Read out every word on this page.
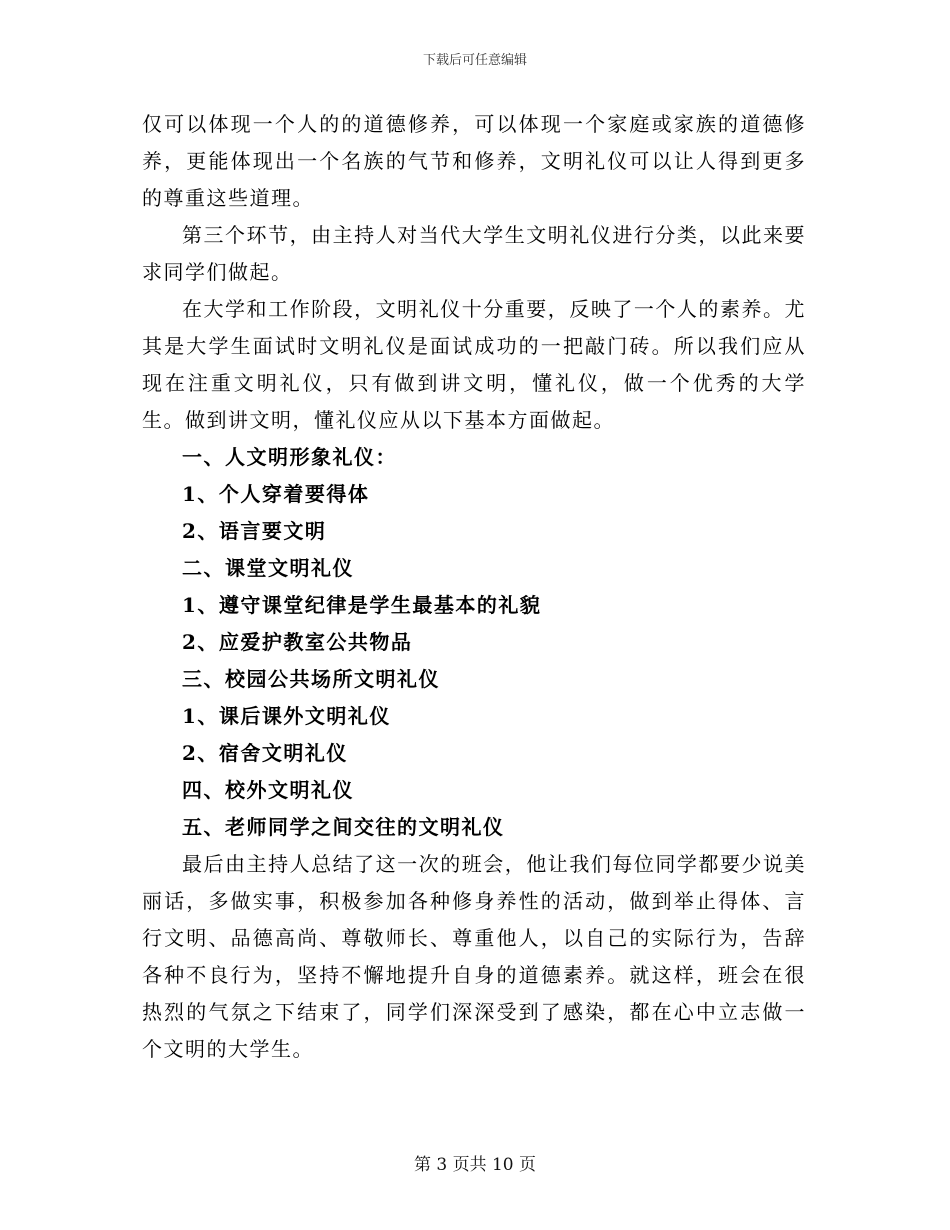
下载后可任意编辑

仅可以体现一个人的的道德修养，可以体现一个家庭或家族的道德修养，更能体现出一个名族的气节和修养，文明礼仪可以让人得到更多的尊重这些道理。

第三个环节，由主持人对当代大学生文明礼仪进行分类，以此来要求同学们做起。

在大学和工作阶段，文明礼仪十分重要，反映了一个人的素养。尤其是大学生面试时文明礼仪是面试成功的一把敲门砖。所以我们应从现在注重文明礼仪，只有做到讲文明，懂礼仪，做一个优秀的大学生。做到讲文明，懂礼仪应从以下基本方面做起。

一、人文明形象礼仪：

1、个人穿着要得体

2、语言要文明

二、课堂文明礼仪

1、遵守课堂纪律是学生最基本的礼貌

2、应爱护教室公共物品

三、校园公共场所文明礼仪

1、课后课外文明礼仪

2、宿舍文明礼仪

四、校外文明礼仪

五、老师同学之间交往的文明礼仪

最后由主持人总结了这一次的班会，他让我们每位同学都要少说美丽话，多做实事，积极参加各种修身养性的活动，做到举止得体、言行文明、品德高尚、尊敬师长、尊重他人，以自己的实际行为，告辞各种不良行为，坚持不懈地提升自身的道德素养。就这样，班会在很热烈的气氛之下结束了，同学们深深受到了感染，都在心中立志做一个文明的大学生。

第 3 页共 10 页
